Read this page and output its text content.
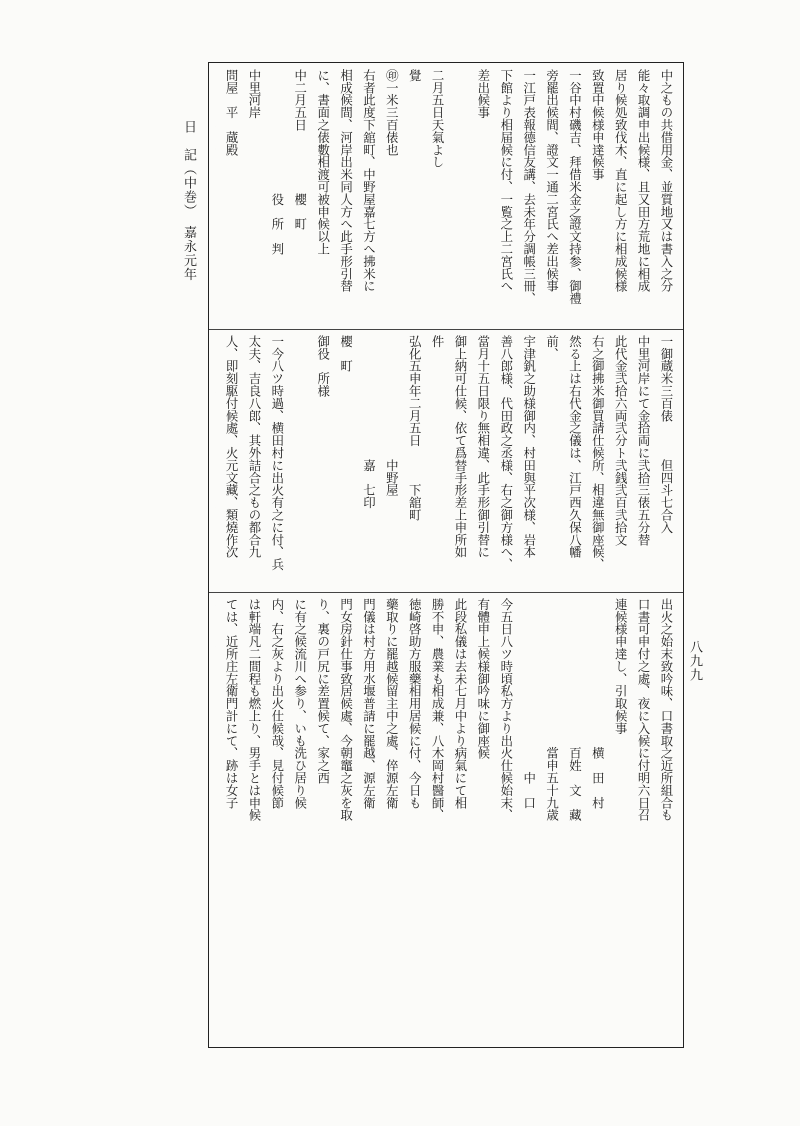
日　記（中巻）　嘉永元年
八九九
中之もの共借用金、並質地又は書入之分
能々取調申出候様、且又田方荒地に相成
居り候処致伐木、直に起し方に相成候様
致置中候様申達候事
一谷中村磯吉、拜借米金之證文持参、御禮
旁罷出候間、證文一通二宮氏へ差出候事
一江戸表報德信友講、去未年分調帳三冊、
下館より相届候に付、一覧之上二宮氏へ
差出候事
二月五日天氣よし
覺
㊞一米三百俵也
右者此度下舘町、中野屋嘉七方へ拂米に
相成候間、河岸出米同人方へ此手形引替
に、書面之俵數相渡可被申候以上
中二月五日　　　　　櫻　町
　　　　　　　　　　役　所　判
中里河岸
問屋　平　蔵殿
一御蔵米三百俵　　　但四斗七合入
中里河岸にて金拾両に弐拾三俵五分替
此代金弐拾六両弐分ト弐銭弐百弐拾文
右之御拂米御買請仕候所、相違無御座候、
然る上は右代金之儀は、江戸西久保八幡
前、
宇津釩之助様御内、村田與平次様、岩本
善八郎様、代田政之丞様、右之御方様へ、
當月十五日限り無相違、此手形御引替に
御上納可仕候、依て爲替手形差上申所如
件
弘化五申年二月五日　　　下舘町
　　　　　　　　　　中野屋
　　　　　　　　　　嘉　七印
櫻　町
御役　所様
一今八ツ時過、横田村に出火有之に付、兵
太夫、吉良八郎、其外詰合之もの都合九
人、即刻駆付候處、火元文藏、類燒作次
出火之始末致吟味、口書取之近所組合も
口書可申付之處、夜に入候に付明六日召
連候様申達し、引取候事
　　　　　　　　　　　　横　田　村
　　　　　　　　　　　　百姓　文　藏
　　　　　　　　　　　　當申五十九歳
　　　　　　　　　　　　　　中　口
今五日八ツ時頃私方より出火仕候始末、
有體申上候様御吟味に御座候
此段私儀は去未七月中より病氣にて相
勝不申、農業も相成兼、八木岡村醫師、
徳崎啓助方服藥相用居候に付、今日も
藥取りに罷越候留主中之處、倅源左衛
門儀は村方用水堰普請に罷越、源左衛
門女房針仕事致居候處、今朝竈之灰を取
り、裏の戸尻に差置候て、家之西
に有之候流川へ参り、いも洗ひ居り候
内、右之灰より出火仕候哉、見付候節
は軒端凡二間程も燃上り、男手とは申候
ては、近所庄左衛門計にて、跡は女子
